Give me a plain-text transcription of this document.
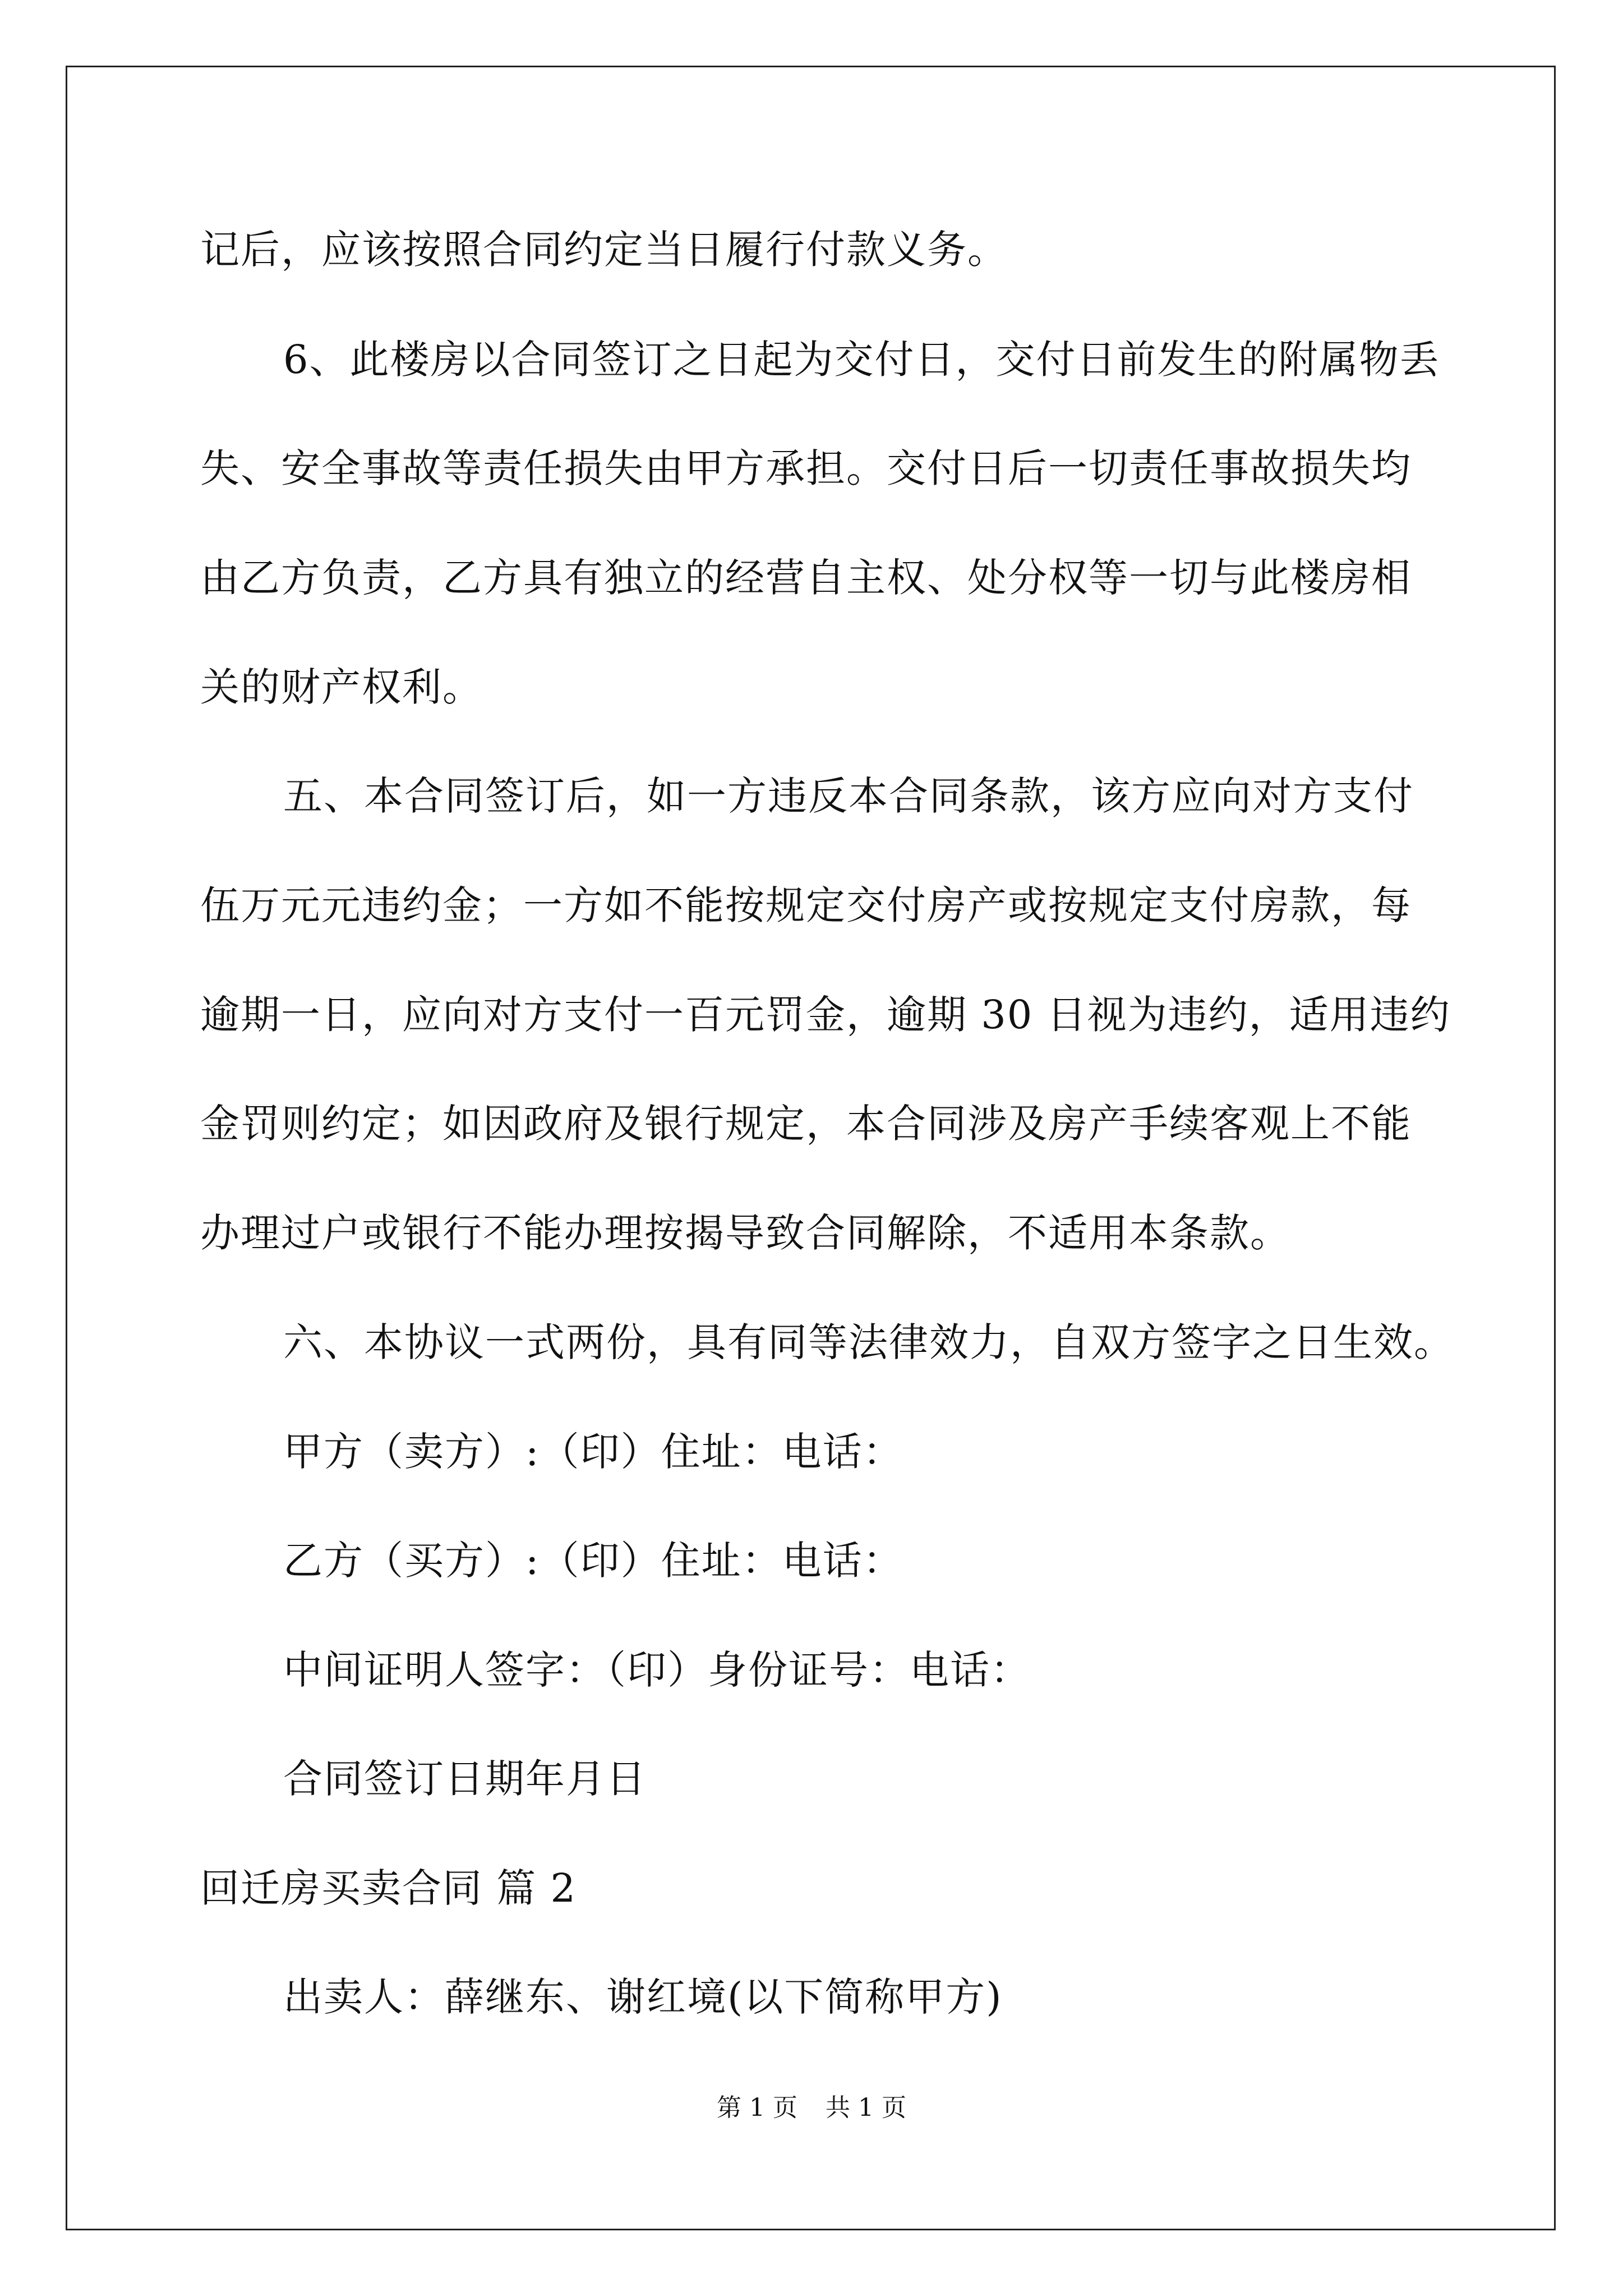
记后，应该按照合同约定当日履行付款义务。
6、此楼房以合同签订之日起为交付日，交付日前发生的附属物丢
失、安全事故等责任损失由甲方承担。交付日后一切责任事故损失均
由乙方负责，乙方具有独立的经营自主权、处分权等一切与此楼房相
关的财产权利。
五、本合同签订后，如一方违反本合同条款，该方应向对方支付
伍万元元违约金；一方如不能按规定交付房产或按规定支付房款，每
逾期一日，应向对方支付一百元罚金，逾期 30 日视为违约，适用违约
金罚则约定；如因政府及银行规定，本合同涉及房产手续客观上不能
办理过户或银行不能办理按揭导致合同解除，不适用本条款。
六、本协议一式两份，具有同等法律效力，自双方签字之日生效。
甲方（卖方）:（印）住址：电话：
乙方（买方）:（印）住址：电话：
中间证明人签字：（印）身份证号：电话：
合同签订日期年月日
回迁房买卖合同 篇 2
出卖人：薛继东、谢红境(以下简称甲方)
第 1 页 共 1 页
